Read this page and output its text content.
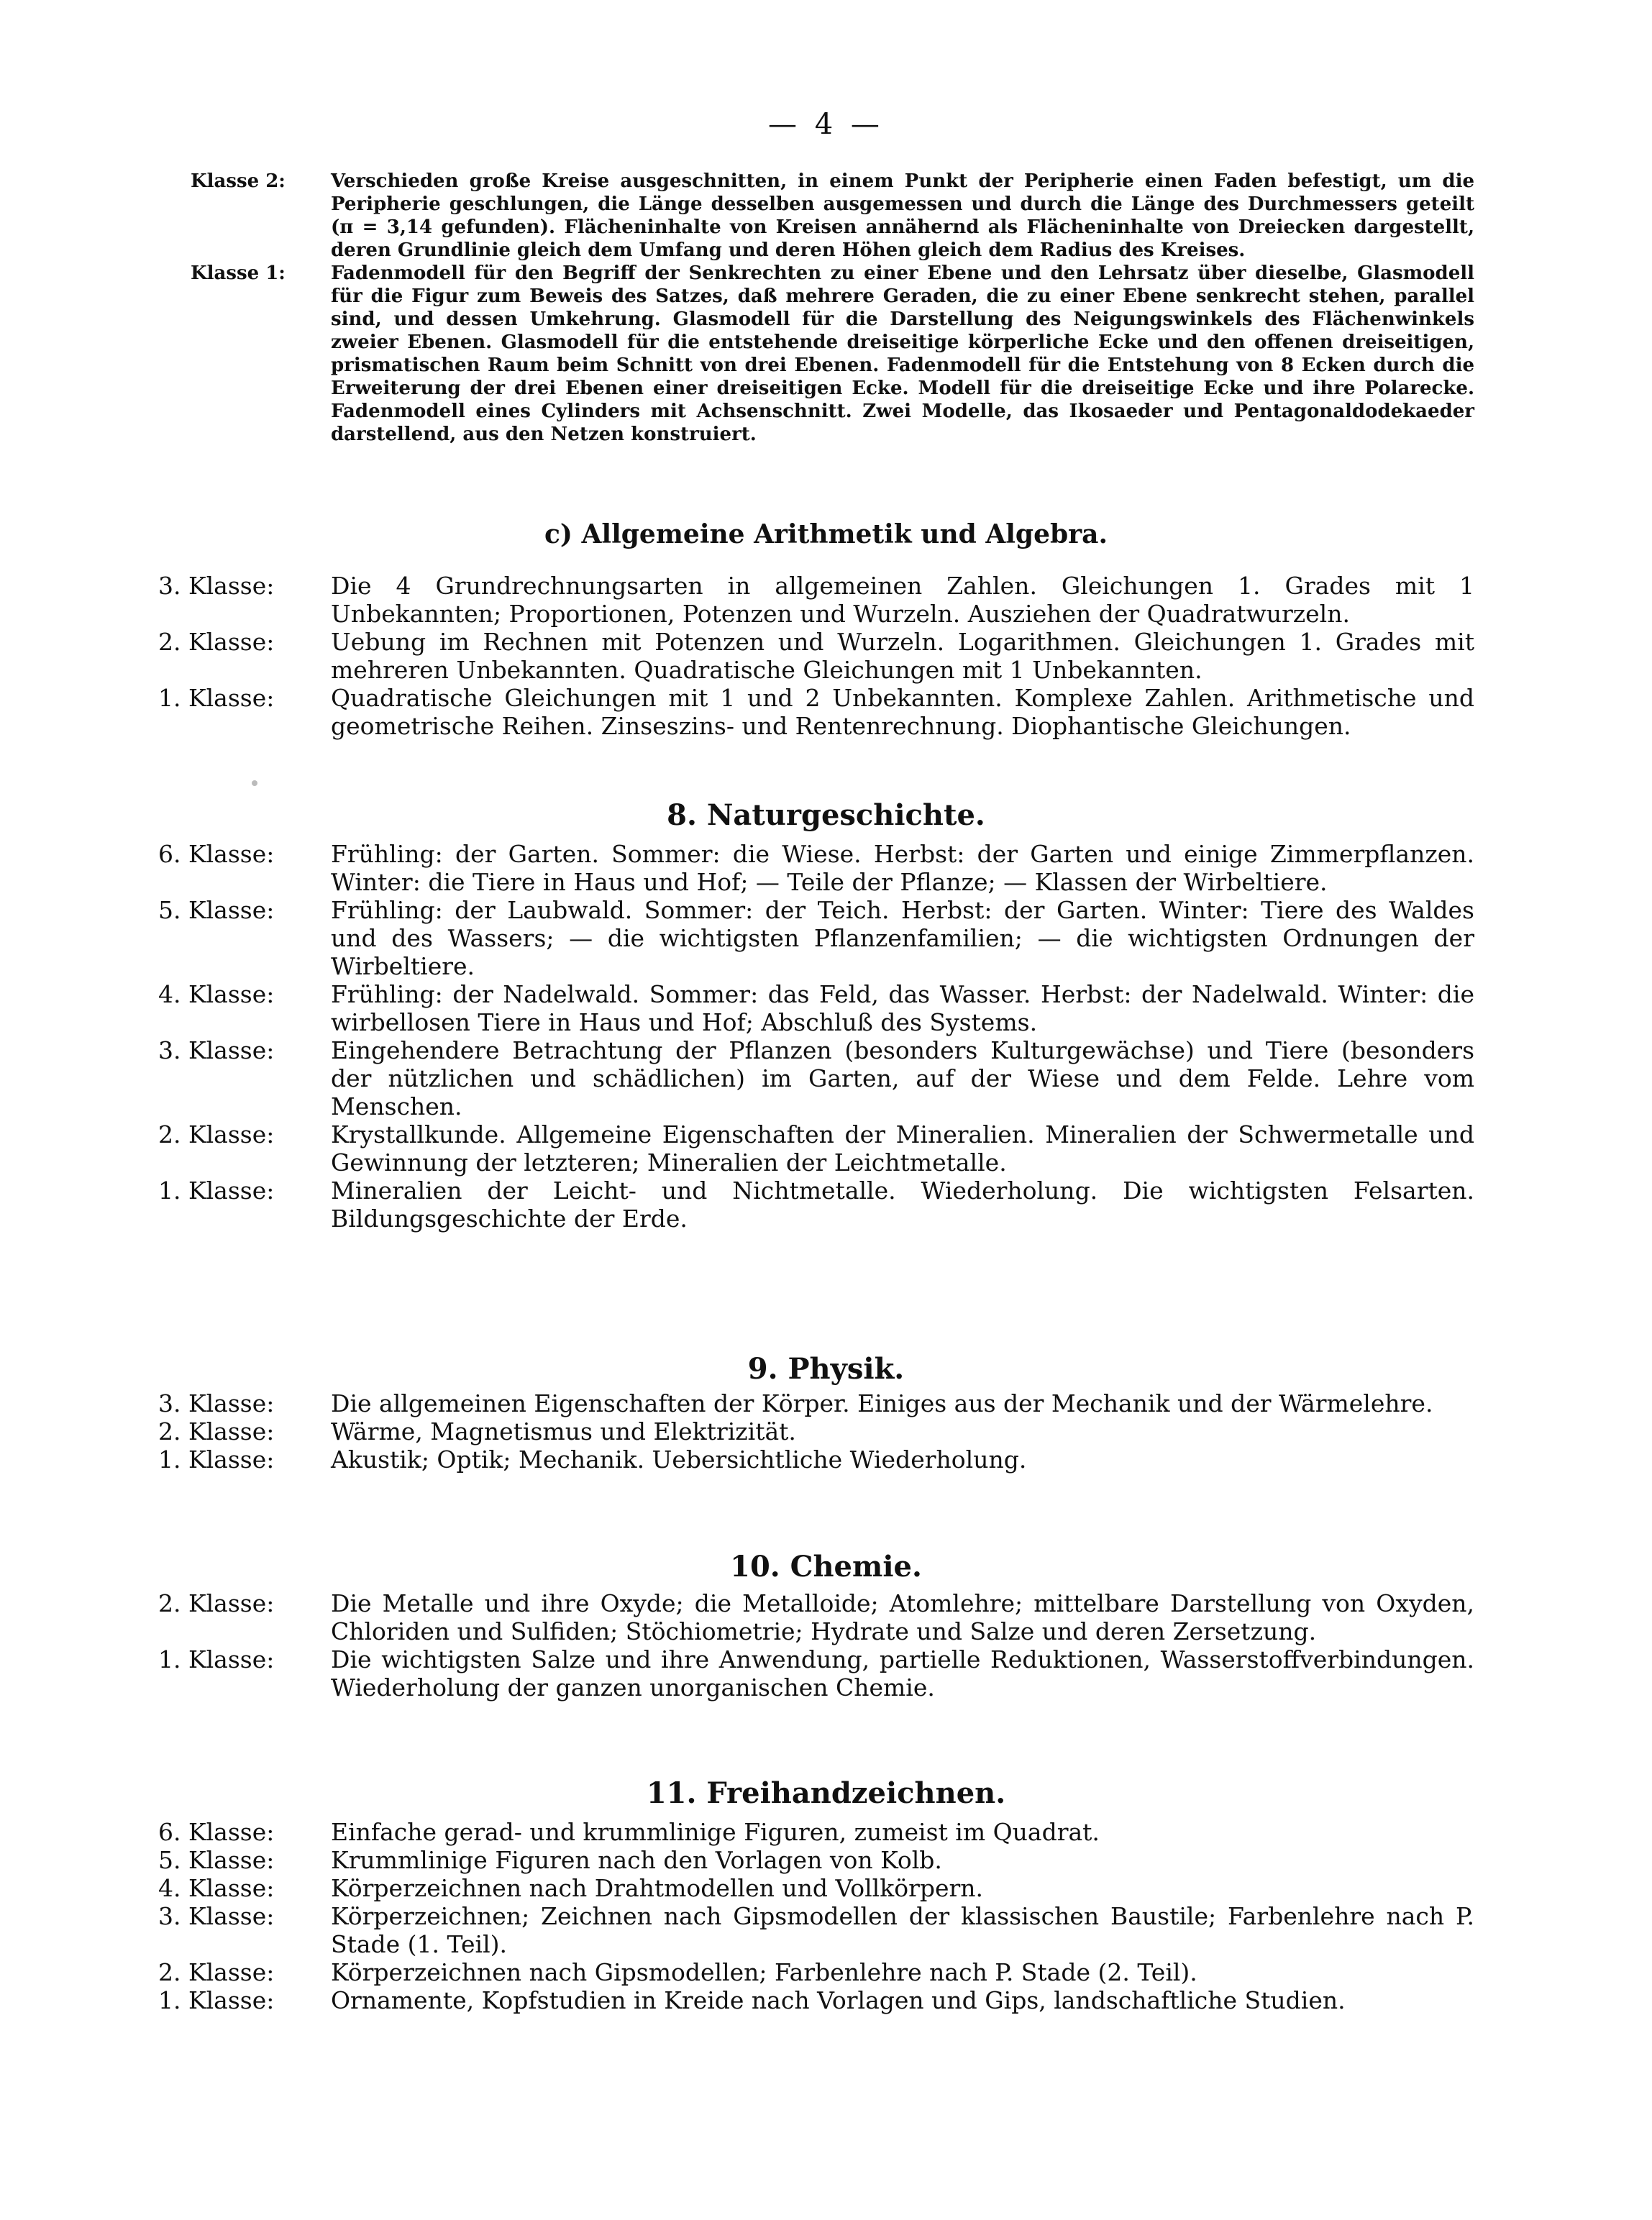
— 4 —
Klasse 2:	Verschieden große Kreise ausgeschnitten, in einem Punkt der Peripherie einen Faden befestigt, um die Peripherie geschlungen, die Länge desselben ausgemessen und durch die Länge des Durchmessers geteilt (π = 3,14 gefunden). Flächeninhalte von Kreisen annähernd als Flächeninhalte von Dreiecken dargestellt, deren Grundlinie gleich dem Umfang und deren Höhen gleich dem Radius des Kreises.
Klasse 1:	Fadenmodell für den Begriff der Senkrechten zu einer Ebene und den Lehrsatz über dieselbe, Glasmodell für die Figur zum Beweis des Satzes, daß mehrere Geraden, die zu einer Ebene senkrecht stehen, parallel sind, und dessen Umkehrung. Glasmodell für die Darstellung des Neigungswinkels des Flächenwinkels zweier Ebenen. Glasmodell für die entstehende dreiseitige körperliche Ecke und den offenen dreiseitigen, prismatischen Raum beim Schnitt von drei Ebenen. Fadenmodell für die Entstehung von 8 Ecken durch die Erweiterung der drei Ebenen einer dreiseitigen Ecke. Modell für die dreiseitige Ecke und ihre Polarecke. Fadenmodell eines Cylinders mit Achsenschnitt. Zwei Modelle, das Ikosaeder und Pentagonaldodekaeder darstellend, aus den Netzen konstruiert.
c) Allgemeine Arithmetik und Algebra.

3. Klasse:	Die 4 Grundrechnungsarten in allgemeinen Zahlen. Gleichungen 1. Grades mit 1 Unbekannten; Proportionen, Potenzen und Wurzeln. Ausziehen der Quadratwurzeln.

2. Klasse:	Uebung im Rechnen mit Potenzen und Wurzeln. Logarithmen. Gleichungen 1. Grades mit mehreren Unbekannten. Quadratische Gleichungen mit 1 Unbekannten.

1. Klasse:	Quadratische Gleichungen mit 1 und 2 Unbekannten. Komplexe Zahlen. Arithmetische und geometrische Reihen. Zinseszins- und Rentenrechnung. Diophantische Gleichungen.

8. Naturgeschichte.

6. Klasse:	Frühling: der Garten. Sommer: die Wiese. Herbst: der Garten und einige Zimmerpflanzen. Winter: die Tiere in Haus und Hof; — Teile der Pflanze; — Klassen der Wirbeltiere.

5. Klasse:	Frühling: der Laubwald. Sommer: der Teich. Herbst: der Garten. Winter: Tiere des Waldes und des Wassers; — die wichtigsten Pflanzenfamilien; — die wichtigsten Ordnungen der Wirbeltiere.

4. Klasse:	Frühling: der Nadelwald. Sommer: das Feld, das Wasser. Herbst: der Nadelwald. Winter: die wirbellosen Tiere in Haus und Hof; Abschluß des Systems.

3. Klasse:	Eingehendere Betrachtung der Pflanzen (besonders Kulturgewächse) und Tiere (besonders der nützlichen und schädlichen) im Garten, auf der Wiese und dem Felde. Lehre vom Menschen.

2. Klasse:	Krystallkunde. Allgemeine Eigenschaften der Mineralien. Mineralien der Schwermetalle und Gewinnung der letzteren; Mineralien der Leichtmetalle.

1. Klasse:	Mineralien der Leicht- und Nichtmetalle. Wiederholung. Die wichtigsten Felsarten. Bildungsgeschichte der Erde.

9. Physik.

3. Klasse:	Die allgemeinen Eigenschaften der Körper. Einiges aus der Mechanik und der Wärmelehre.

2. Klasse:	Wärme, Magnetismus und Elektrizität.

1. Klasse:	Akustik; Optik; Mechanik. Uebersichtliche Wiederholung.

10. Chemie.

2. Klasse:	Die Metalle und ihre Oxyde; die Metalloide; Atomlehre; mittelbare Darstellung von Oxyden, Chloriden und Sulfiden; Stöchiometrie; Hydrate und Salze und deren Zersetzung.

1. Klasse:	Die wichtigsten Salze und ihre Anwendung, partielle Reduktionen, Wasserstoffverbindungen. Wiederholung der ganzen unorganischen Chemie.

11. Freihandzeichnen.

6. Klasse:	Einfache gerad- und krummlinige Figuren, zumeist im Quadrat.

5. Klasse:	Krummlinige Figuren nach den Vorlagen von Kolb.

4. Klasse:	Körperzeichnen nach Drahtmodellen und Vollkörpern.

3. Klasse:	Körperzeichnen; Zeichnen nach Gipsmodellen der klassischen Baustile; Farbenlehre nach P. Stade (1. Teil).

2. Klasse:	Körperzeichnen nach Gipsmodellen; Farbenlehre nach P. Stade (2. Teil).

1. Klasse:	Ornamente, Kopfstudien in Kreide nach Vorlagen und Gips, landschaftliche Studien.
